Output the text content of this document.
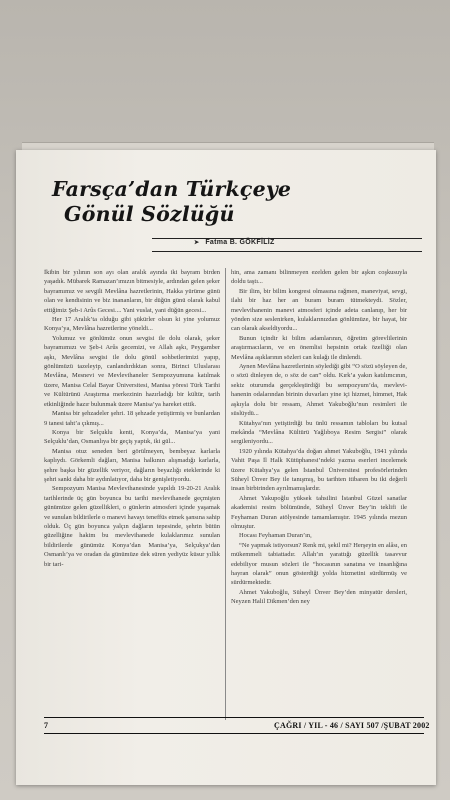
Farsça’dan Türkçeye
Gönül Sözlüğü
➤ Fatma B. GÖKFİLİZ

İkibin bir yılının son ayı olan aralık ayında iki bayram birden yaşadık. Mübarek Ramazan’ımızın bitmesiyle, ardından gelen şeker bayramımız ve sevgili Mevlâna hazretlerinin, Hakka yürüme günü olan ve kendisinin ve biz inananların, bir düğün günü olarak kabul ettiğimiz Şeb-i Arûs Gecesi.... Yani vuslat, yani düğün gecesi...

Her 17 Aralık’ta olduğu gibi şükürler olsun ki yine yolumuz Konya’ya, Mevlâna hazretlerine yöneldi...

Yolumuz ve gönlümüz onun sevgisi ile dolu olarak, şeker bayramımızı ve Şeb-i Arûs gecemizi, ve Allah aşkı, Peygamber aşkı, Mevlâna sevgisi ile dolu gönül sohbetlerimizi yapıp, gönlümüzü tazeleyip, canlandırdıktan sonra, Birinci Uluslarası Mevlâna, Mesnevi ve Mevlevihaneler Sempozyumuna katılmak üzere, Manisa Celal Bayar Üniversitesi, Manisa yöresi Türk Tarihi ve Kültürünü Araştırma merkezinin hazırladığı bir kültür, tarih etkinliğinde hazır bulunmak üzere Manisa’ya hareket ettik.

Manisa bir şehzadeler şehri. 18 şehzade yetiştirmiş ve bunlardan 9 tanesi taht’a çıkmış...

Konya bir Selçuklu kenti, Konya’da, Manisa’ya yani Selçuklu’dan, Osmanlıya bir geçiş yaptık, iki gül...

Manisa otuz seneden beri görülmeyen, bembeyaz karlarla kaplıydı. Görkemli dağları, Manisa halkının alışmadığı karlarla, şehre başka bir güzellik veriyor, dağların beyazlığı eteklerinde ki şehri sanki daha bir aydınlatıyor, daha bir genişletiyordu.

Sempozyum Manisa Mevlevihanesinde yapıldı 19-20-21 Aralık tarihlerinde üç gün boyunca bu tarihi mevlevihanede geçmişten günümüze gelen güzellikleri, o günlerin atmosferi içinde yaşamak ve sunulan bildirilerle o manevi havayı teneffüs etmek şansına sahip olduk. Üç gün boyunca yalçın dağların tepesinde, şehrin bütün güzelliğine hakim bu mevlevihanede kulaklarımız sunulan bildirilerde günümüz Konya’dan Manisa’ya, Selçukya’dan Osmanlı’ya ve oradan da günümüze dek süren yediyüz küsur yıllık bir tari-

hin, ama zamanı bilinmeyen ezelden gelen bir aşkın coşkusuyla doldu taştı...

Bir ilim, bir bilim kongresi olmasına rağmen, maneviyat, sevgi, ilahi bir haz her an buram buram tütmekteydi. Sözler, mevlevihanenin manevi atmosferi içinde adeta canlanıp, her bir yönden size seslenirken, kulaklarınızdan gönlümüze, bir hayat, bir can olarak akseldiyordu...

Bunun içindir ki bilim adamlarının, öğretim görevlilerinin araştırmacıların, ve en önemlisi hepsinin ortak özelliği olan Mevlâna aşıklarının sözleri can kulağı ile dinlendi.

Aynen Mevlâna hazretlerinin söylediği gibi “O sözü söyleyen de, o sözü dinleyen de, o söz de can” oldu. Kırk’a yakın katılımcının, sekiz oturumda gerçekleştirdiği bu sempozyum’da, mevlevi-hanenin odalarından birinin duvarları yine içi hizmet, himmet, Hak aşkıyla dolu bir ressam, Ahmet Yakuboğlu’nun resimleri ile süslüydü...

Kütahya’nın yetiştirdiği bu ünlü ressamın tabloları bu kutsal mekânda “Mevlâna Kültürü Yağlıboya Resim Sergisi” olarak sergileniyordu...

1920 yılında Kütahya’da doğan ahmet Yakuboğlu, 1941 yılında Vahit Paşa İl Halk Kütüphanesi’ndeki yazma eserleri incelemek üzere Kütahya’ya gelen İstanbul Üniversitesi profesörlerinden Süheyl Ünver Bey ile tanışmış, bu tarihten itibaren bu iki değerli insan birbirinden ayrılmamışlardır.

Ahmet Yakupoğlu yüksek tahsilini İstanbul Güzel sanatlar akademisi resim bölümünde, Süheyl Ünver Bey’in teklifi ile Feyhaman Duran atölyesinde tamamlamıştır. 1945 yılında mezun olmuştur.

Hocası Feyhaman Duran’ın,

“Ne yapmak istiyorsun? Renk mi, şekil mi? Herşeyin en alâsı, en mükemmeli tabiattadır. Allah’ın yarattığı güzellik tasavvur edebiliyor musun sözleri ile “hocasının sanatına ve insanlığına hayran olarak” onun gösterdiği yolda hizmetini sürdürmüş ve sürdürmektedir.

Ahmet Yakuboğlu, Süheyl Ünver Bey’den minyatür dersleri, Neyzen Halil Dikmen’den ney

7	ÇAĞRI / YIL - 46 / SAYI 507 /ŞUBAT 2002
